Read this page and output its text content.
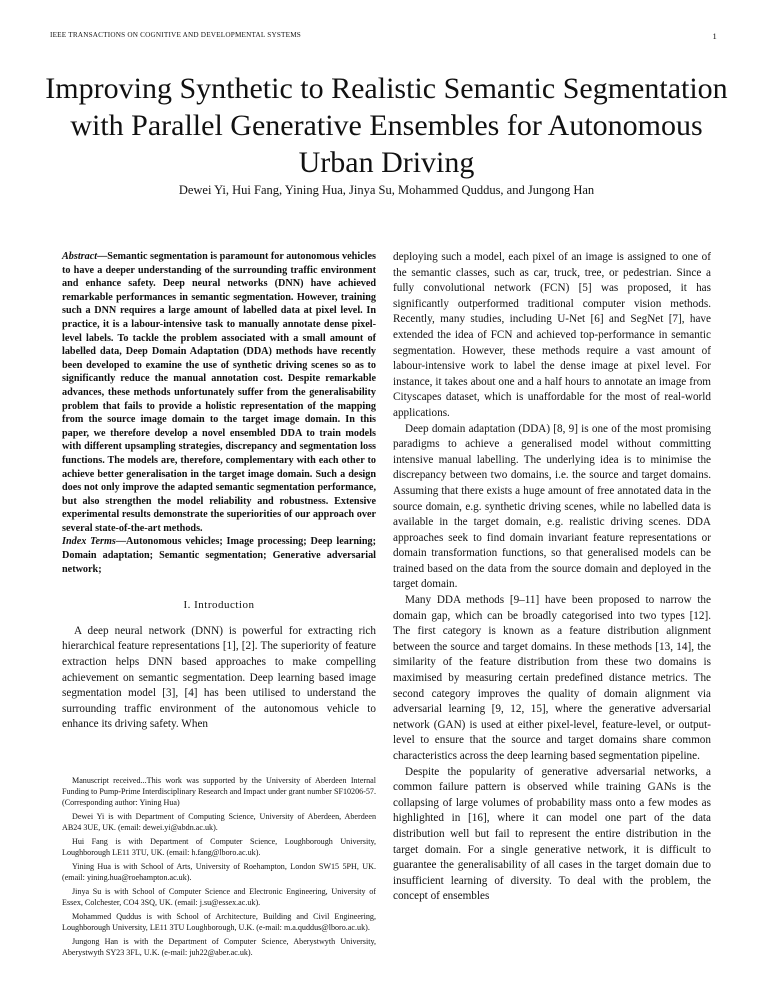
IEEE TRANSACTIONS ON COGNITIVE AND DEVELOPMENTAL SYSTEMS	1
Improving Synthetic to Realistic Semantic Segmentation with Parallel Generative Ensembles for Autonomous Urban Driving
Dewei Yi, Hui Fang, Yining Hua, Jinya Su, Mohammed Quddus, and Jungong Han

Abstract—Semantic segmentation is paramount for autonomous vehicles to have a deeper understanding of the surrounding traffic environment and enhance safety. Deep neural networks (DNN) have achieved remarkable performances in semantic segmentation. However, training such a DNN requires a large amount of labelled data at pixel level. In practice, it is a labour-intensive task to manually annotate dense pixel-level labels. To tackle the problem associated with a small amount of labelled data, Deep Domain Adaptation (DDA) methods have recently been developed to examine the use of synthetic driving scenes so as to significantly reduce the manual annotation cost. Despite remarkable advances, these methods unfortunately suffer from the generalisability problem that fails to provide a holistic representation of the mapping from the source image domain to the target image domain. In this paper, we therefore develop a novel ensembled DDA to train models with different upsampling strategies, discrepancy and segmentation loss functions. The models are, therefore, complementary with each other to achieve better generalisation in the target image domain. Such a design does not only improve the adapted semantic segmentation performance, but also strengthen the model reliability and robustness. Extensive experimental results demonstrate the superiorities of our approach over several state-of-the-art methods.

Index Terms—Autonomous vehicles; Image processing; Deep learning; Domain adaptation; Semantic segmentation; Generative adversarial network;

I. Introduction

A deep neural network (DNN) is powerful for extracting rich hierarchical feature representations [1], [2]. The superiority of feature extraction helps DNN based approaches to make compelling achievement on semantic segmentation. Deep learning based image segmentation model [3], [4] has been utilised to understand the surrounding traffic environment of the autonomous vehicle to enhance its driving safety. When

Manuscript received...This work was supported by the University of Aberdeen Internal Funding to Pump-Prime Interdisciplinary Research and Impact under grant number SF10206-57. (Corresponding author: Yining Hua)

Dewei Yi is with Department of Computing Science, University of Aberdeen, Aberdeen AB24 3UE, UK. (email: dewei.yi@abdn.ac.uk).

Hui Fang is with Department of Computer Science, Loughborough University, Loughborough LE11 3TU, UK. (email: h.fang@lboro.ac.uk).

Yining Hua is with School of Arts, University of Roehampton, London SW15 5PH, UK. (email: yining.hua@roehampton.ac.uk).

Jinya Su is with School of Computer Science and Electronic Engineering, University of Essex, Colchester, CO4 3SQ, UK. (email: j.su@essex.ac.uk).

Mohammed Quddus is with School of Architecture, Building and Civil Engineering, Loughborough University, LE11 3TU Loughborough, U.K. (e-mail: m.a.quddus@lboro.ac.uk).

Jungong Han is with the Department of Computer Science, Aberystwyth University, Aberystwyth SY23 3FL, U.K. (e-mail: juh22@aber.ac.uk).

deploying such a model, each pixel of an image is assigned to one of the semantic classes, such as car, truck, tree, or pedestrian. Since a fully convolutional network (FCN) [5] was proposed, it has significantly outperformed traditional computer vision methods. Recently, many studies, including U-Net [6] and SegNet [7], have extended the idea of FCN and achieved top-performance in semantic segmentation. However, these methods require a vast amount of labour-intensive work to label the dense image at pixel level. For instance, it takes about one and a half hours to annotate an image from Cityscapes dataset, which is unaffordable for the most of real-world applications.

Deep domain adaptation (DDA) [8, 9] is one of the most promising paradigms to achieve a generalised model without committing intensive manual labelling. The underlying idea is to minimise the discrepancy between two domains, i.e. the source and target domains. Assuming that there exists a huge amount of free annotated data in the source domain, e.g. synthetic driving scenes, while no labelled data is available in the target domain, e.g. realistic driving scenes. DDA approaches seek to find domain invariant feature representations or domain transformation functions, so that generalised models can be trained based on the data from the source domain and deployed in the target domain.

Many DDA methods [9–11] have been proposed to narrow the domain gap, which can be broadly categorised into two types [12]. The first category is known as a feature distribution alignment between the source and target domains. In these methods [13, 14], the similarity of the feature distribution from these two domains is maximised by measuring certain predefined distance metrics. The second category improves the quality of domain alignment via adversarial learning [9, 12, 15], where the generative adversarial network (GAN) is used at either pixel-level, feature-level, or output-level to ensure that the source and target domains share common characteristics across the deep learning based segmentation pipeline.

Despite the popularity of generative adversarial networks, a common failure pattern is observed while training GANs is the collapsing of large volumes of probability mass onto a few modes as highlighted in [16], where it can model one part of the data distribution well but fail to represent the entire distribution in the target domain. For a single generative network, it is difficult to guarantee the generalisability of all cases in the target domain due to insufficient learning of diversity. To deal with the problem, the concept of ensembles
